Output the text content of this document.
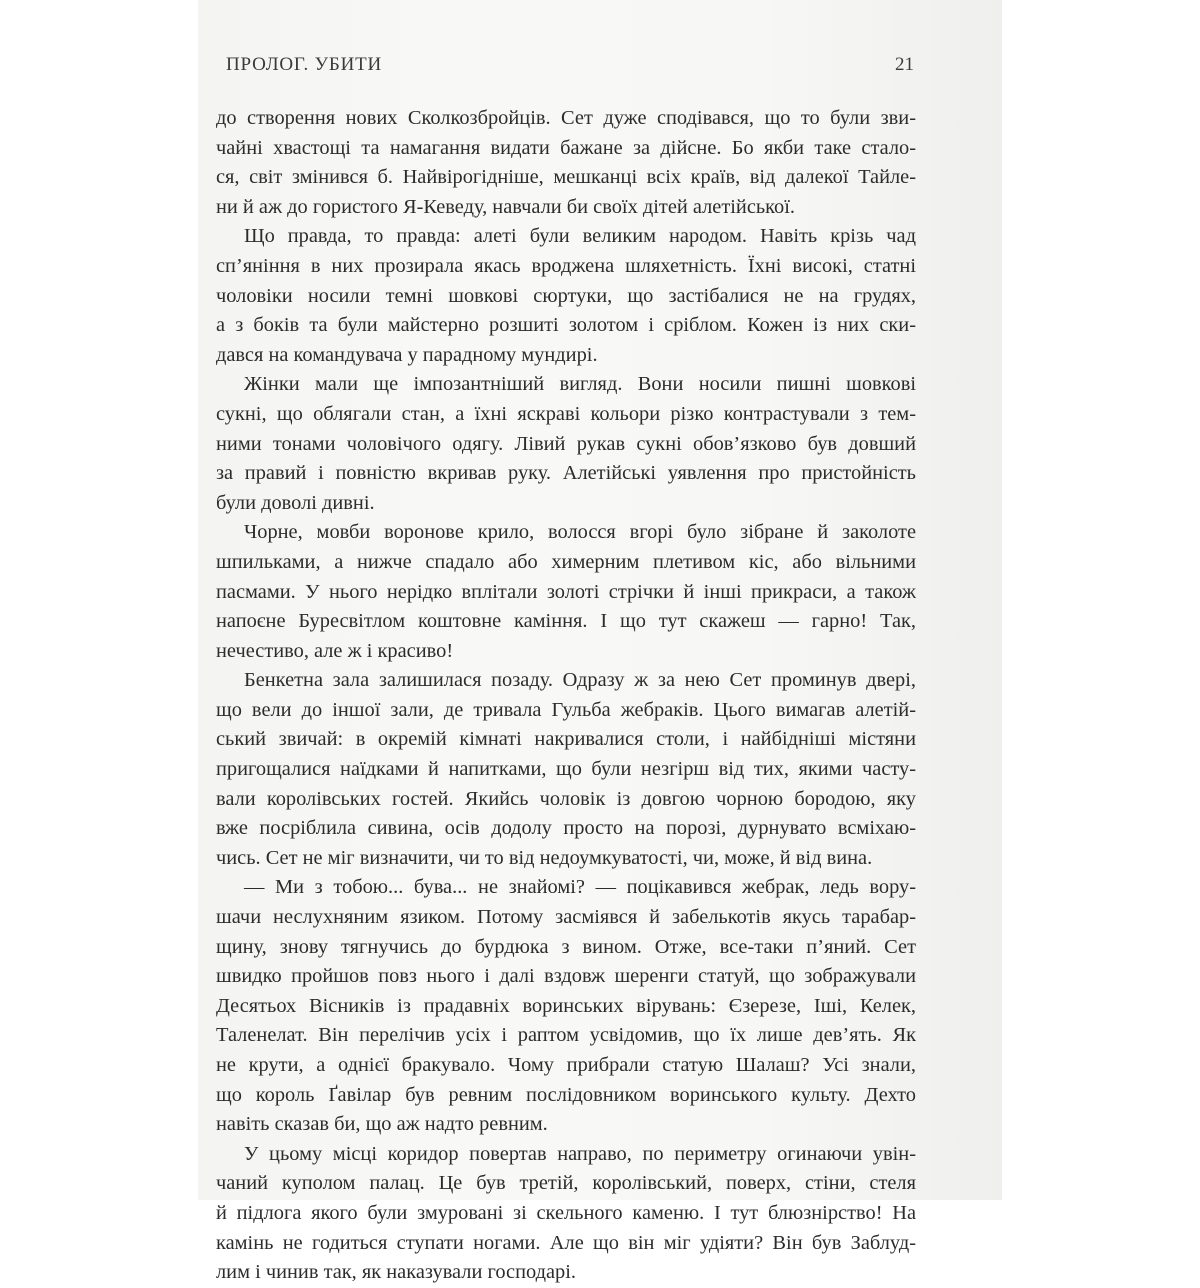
ПРОЛОГ. УБИТИ	21
до створення нових Сколкозбройців. Сет дуже сподівався, що то були зви-
чайні хвастощі та намагання видати бажане за дійсне. Бо якби таке стало-
ся, світ змінився б. Найвірогідніше, мешканці всіх країв, від далекої Тайле-
ни й аж до гористого Я-Кеведу, навчали би своїх дітей алетійської.
Що правда, то правда: алеті були великим народом. Навіть крізь чад
сп’яніння в них прозирала якась вроджена шляхетність. Їхні високі, статні
чоловіки носили темні шовкові сюртуки, що застібалися не на грудях,
а з боків та були майстерно розшиті золотом і сріблом. Кожен із них ски-
дався на командувача у парадному мундирі.
Жінки мали ще імпозантніший вигляд. Вони носили пишні шовкові
сукні, що облягали стан, а їхні яскраві кольори різко контрастували з тем-
ними тонами чоловічого одягу. Лівий рукав сукні обов’язково був довший
за правий і повністю вкривав руку. Алетійські уявлення про пристойність
були доволі дивні.
Чорне, мовби воронове крило, волосся вгорі було зібране й заколоте
шпильками, а нижче спадало або химерним плетивом кіс, або вільними
пасмами. У нього нерідко вплітали золоті стрічки й інші прикраси, а також
напоєне Буресвітлом коштовне каміння. І що тут скажеш — гарно! Так,
нечестиво, але ж і красиво!
Бенкетна зала залишилася позаду. Одразу ж за нею Сет проминув двері,
що вели до іншої зали, де тривала Гульба жебраків. Цього вимагав алетій-
ський звичай: в окремій кімнаті накривалися столи, і найбідніші містяни
пригощалися наїдками й напитками, що були незгірш від тих, якими часту-
вали королівських гостей. Якийсь чоловік із довгою чорною бородою, яку
вже посріблила сивина, осів додолу просто на порозі, дурнувато всміхаю-
чись. Сет не міг визначити, чи то від недоумкуватості, чи, може, й від вина.
— Ми з тобою... бува... не знайомі? — поцікавився жебрак, ледь вору-
шачи неслухняним язиком. Потому засміявся й забелькотів якусь тарабар-
щину, знову тягнучись до бурдюка з вином. Отже, все-таки п’яний. Сет
швидко пройшов повз нього і далі вздовж шеренги статуй, що зображували
Десятьох Вісників із прадавніх воринських вірувань: Єзерезе, Іші, Келек,
Таленелат. Він перелічив усіх і раптом усвідомив, що їх лише дев’ять. Як
не крути, а однієї бракувало. Чому прибрали статую Шалаш? Усі знали,
що король Ґавілар був ревним послідовником воринського культу. Дехто
навіть сказав би, що аж надто ревним.
У цьому місці коридор повертав направо, по периметру огинаючи увін-
чаний куполом палац. Це був третій, королівський, поверх, стіни, стеля
й підлога якого були змуровані зі скельного каменю. І тут блюзнірство! На
камінь не годиться ступати ногами. Але що він міг удіяти? Він був Заблуд-
лим і чинив так, як наказували господарі.
